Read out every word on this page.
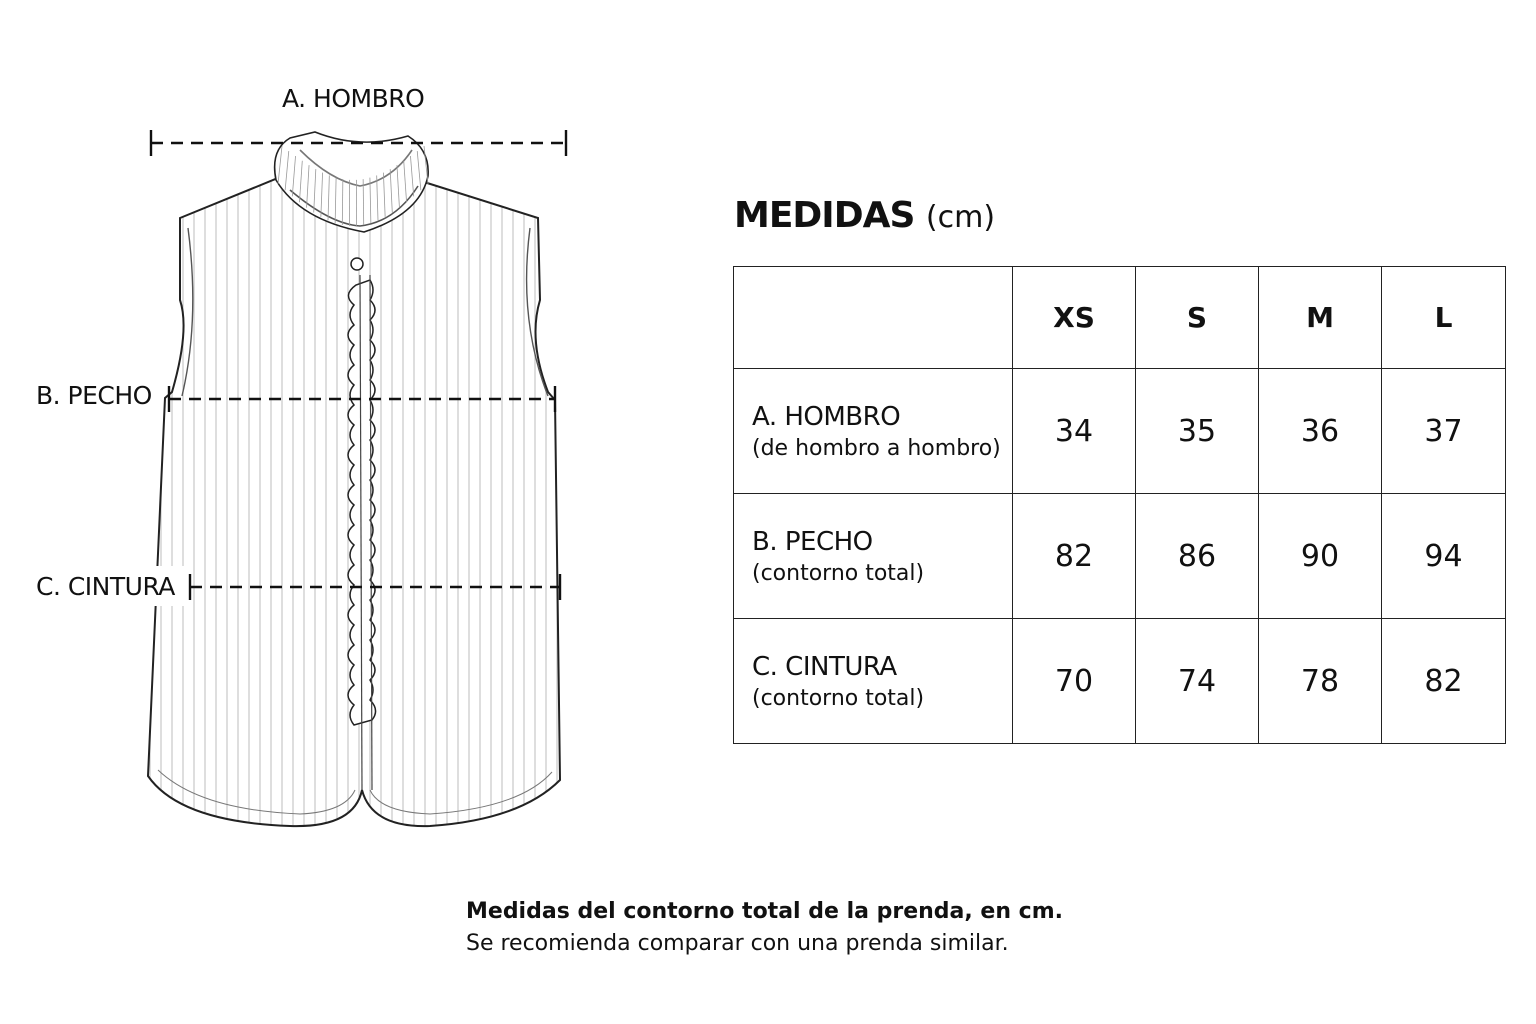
A. HOMBRO
B. PECHO
C. CINTURA
MEDIDAS (cm)
	XS	S	M	L

A. HOMBRO
(de hombro a hombro)	34	35	36	37

B. PECHO
(contorno total)	82	86	90	94

C. CINTURA
(contorno total)	70	74	78	82
Medidas del contorno total de la prenda, en cm.
Se recomienda comparar con una prenda similar.
